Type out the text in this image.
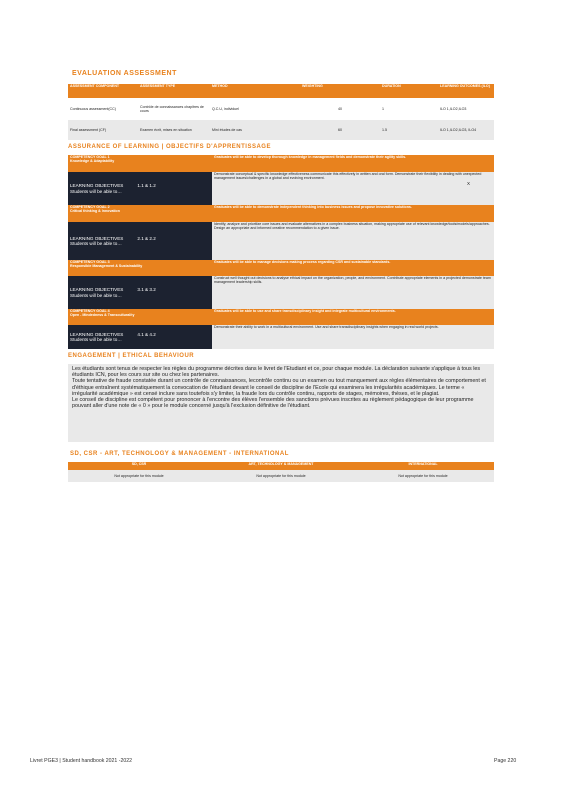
EVALUATION ASSESSMENT
ASSESSMENT COMPONENT	ASSESSMENT TYPE	METHOD	WEIGHTING	DURATION	LEARNING OUTCOMES (ILO)
Continuous assessment(CC)	Contrôle de connaissances chapitres de cours	Q.C.U, individuel	40	1	ILO 1,ILO2,ILO3
Final assessment (CF)	Examen écrit, mises en situation	Mini études de cas	60	1.5	ILO 1,ILO2,ILO3, ILO4
ASSURANCE OF LEARNING | OBJECTIFS D'APPRENTISSAGE
COMPETENCY GOAL 1
Knowledge & Adaptability	Graduates will be able to develop thorough knowledge in management fields and demonstrate their agility skills.
LEARNING OBJECTIVES 1.1 & 1.2
Students will be able to…	Demonstrate conceptual & specific knowledge effectiveness communicate this effectively in written and oral form. Demonstrate their flexibility in dealing with unexpected management issues/challenges in a global and evolving environment.
X

COMPETENCY GOAL 2
Critical thinking & Innovation	Graduates will be able to demonstrate independent thinking into business issues and propose innovative solutions.
LEARNING OBJECTIVES 2.1 & 2.2
Students will be able to…	Identify, analyze and prioritize core issues and evaluate alternatives in a complex business situation, making appropriate use of relevant knowledge/tools/models/approaches. Design an appropriate and informed creative recommendation to a given issue.

COMPETENCY GOAL 3
Responsible Management & Sustainability	Graduates will be able to manage decisions making process regarding CSR and sustainable standards.
LEARNING OBJECTIVES 3.1 & 3.2
Students will be able to…	Construct well thought out decisions to analyse ethical impact on the organization, people, and environment. Contribute appropriate elements in a projected demonstrate team management leadership skills.

COMPETENCY GOAL 4
Open - Mindedness & Transculturality	Graduates will be able to use and share transdisciplinary insight and integrate multicultural environments.
LEARNING OBJECTIVES 4.1 & 4.2
Students will be able to…	Demonstrate their ability to work in a multicultural environment. Use and share transdisciplinary insights when engaging in real world projects.
ENGAGEMENT | ETHICAL BEHAVIOUR
Les étudiants sont tenus de respecter les règles du programme décrites dans le livret de l'Etudiant et ce, pour chaque module. La déclaration suivante s'applique à tous les étudiants ICN, pour les cours sur site ou chez les partenaires.
Toute tentative de fraude constatée durant un contrôle de connaissances, lecontrôle continu ou un examen ou tout manquement aux règles élémentaires de comportement et d'éthique entraînent systématiquement la convocation de l'étudiant devant le conseil de discipline de l'Ecole qui examinera les irrégularités académiques. Le terme « irrégularité académique » est censé inclure sans toutefois s'y limiter, la fraude lors du contrôle continu, rapports de stages, mémoires, thèses, et le plagiat.
Le conseil de discipline est compétent pour prononcer à l'encontre des élèves l'ensemble des sanctions prévues inscrites au règlement pédagogique de leur programme pouvant aller d'une note de « 0 » pour le module concerné jusqu'à l'exclusion définitive de l'étudiant.
SD, CSR - ART, TECHNOLOGY & MANAGEMENT - INTERNATIONAL
SD, CSR	ART, TECHNOLOGY & MANAGEMENT	INTERNATIONAL
Not appropriate for this module	Not appropriate for this module	Not appropriate for this module
Livret PGE3 | Student handbook 2021 -2022	Page 220
